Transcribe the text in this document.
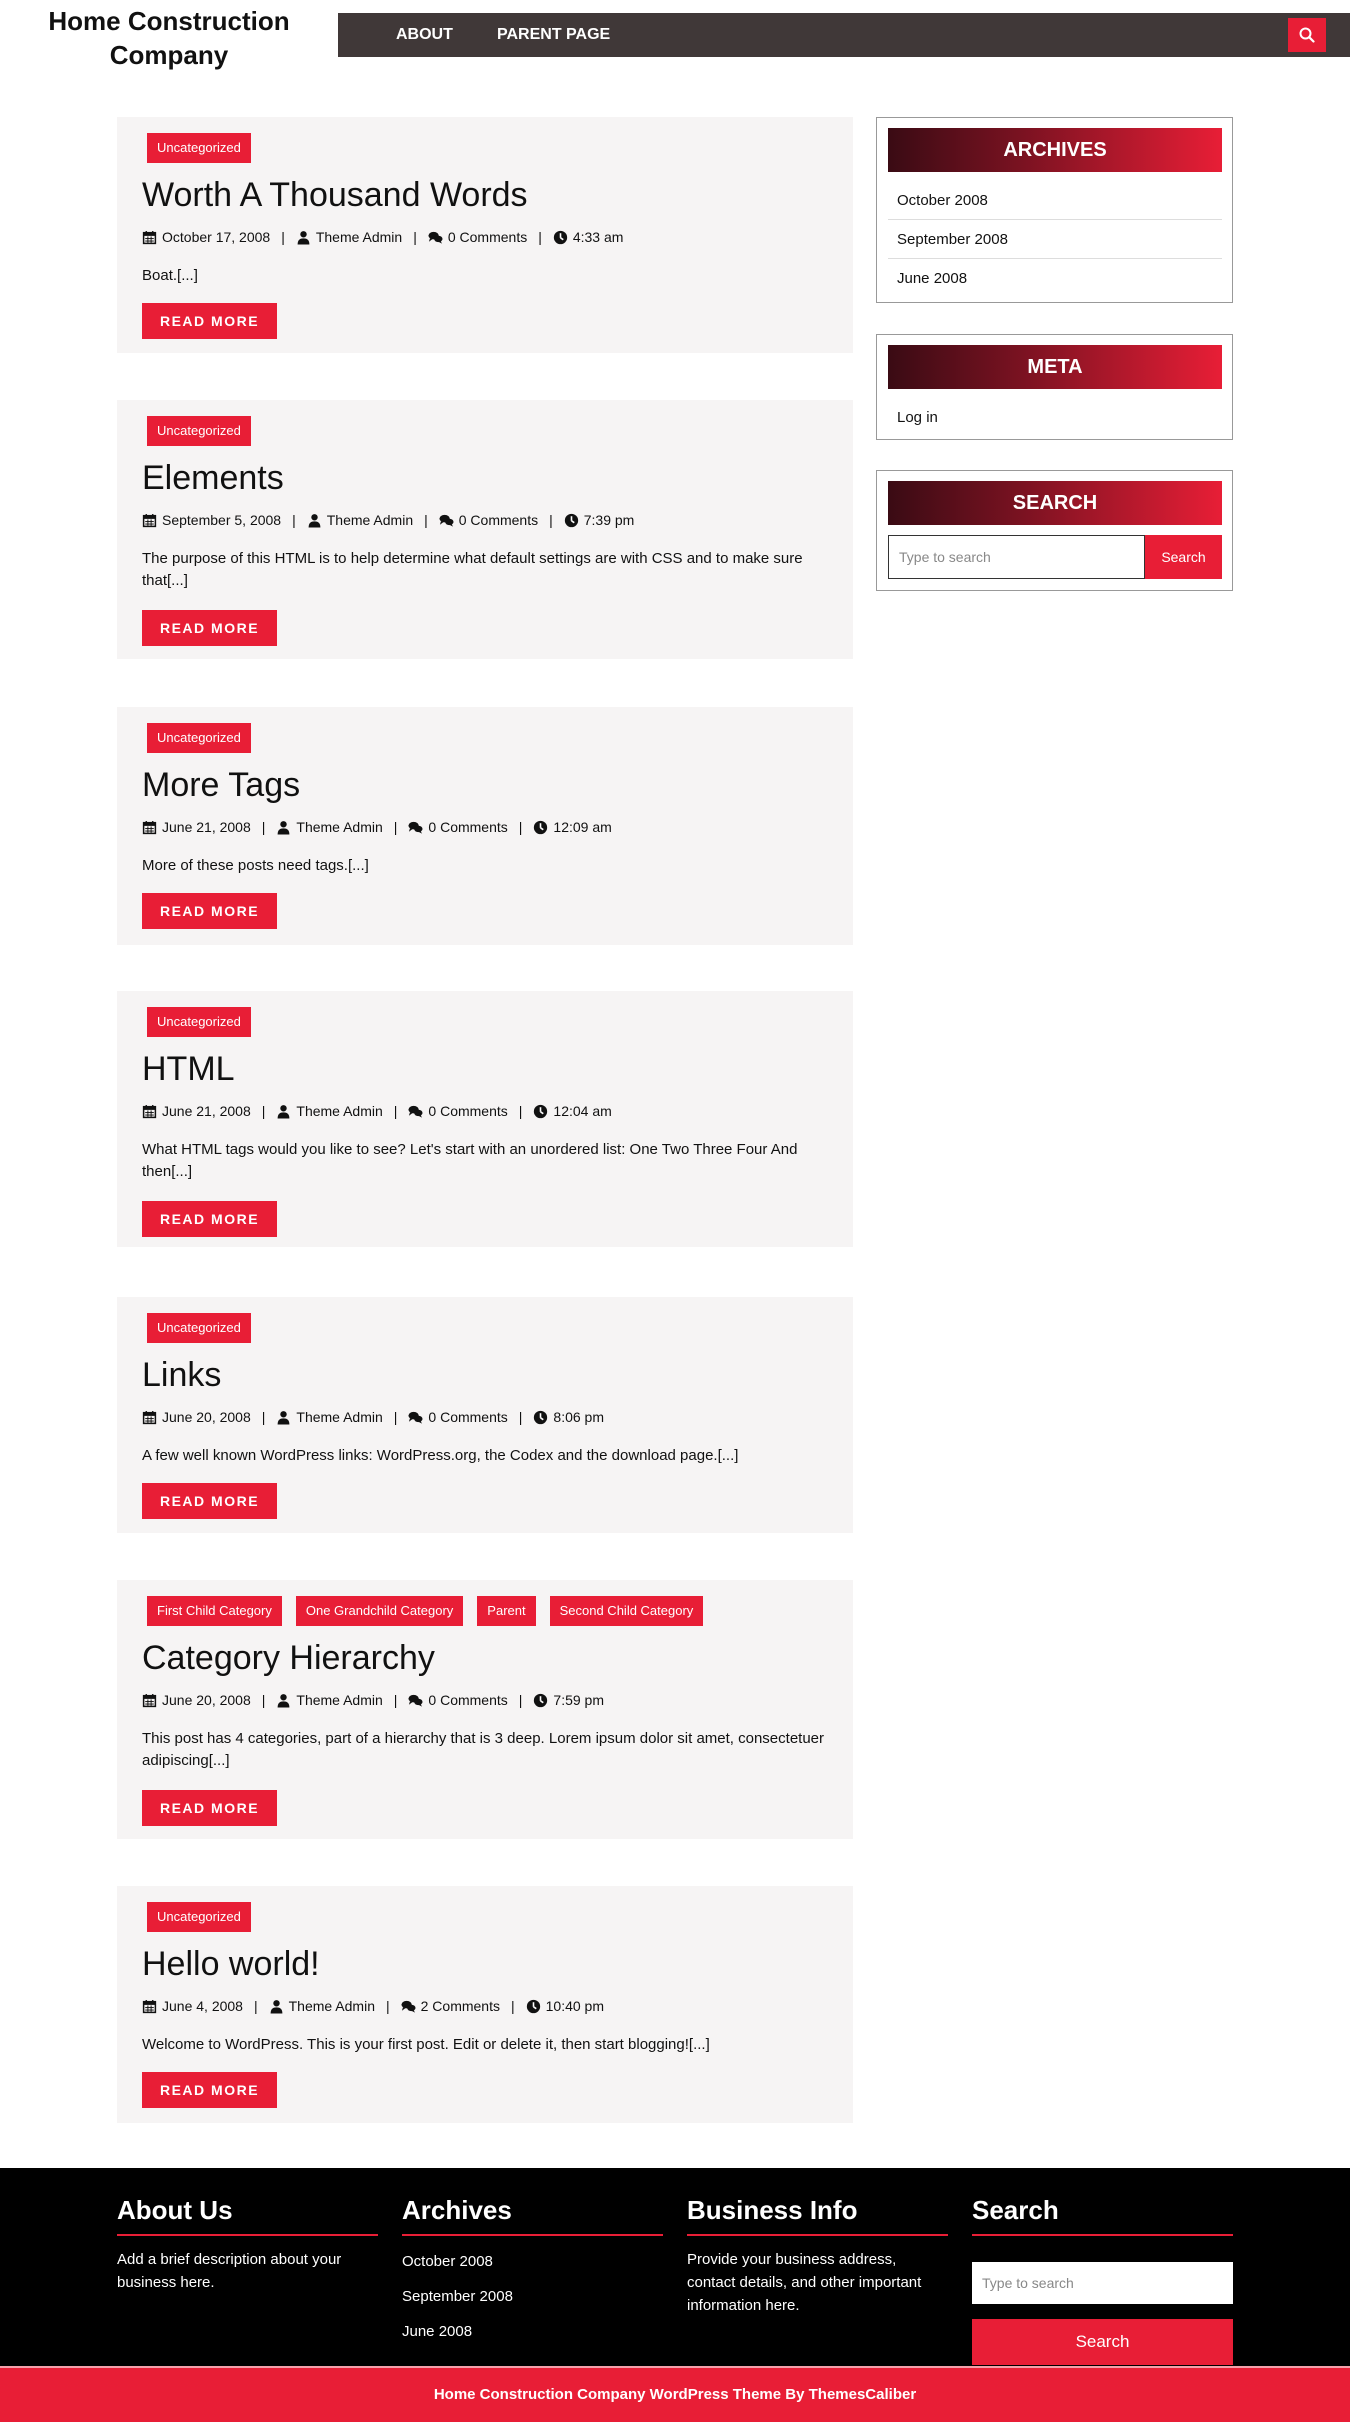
Home Construction Company
ABOUT	PARENT PAGE
Uncategorized
Worth A Thousand Words
October 17, 2008 | Theme Admin | 0 Comments | 4:33 am
Boat.[...]
READ MORE
Uncategorized
Elements
September 5, 2008 | Theme Admin | 0 Comments | 7:39 pm
The purpose of this HTML is to help determine what default settings are with CSS and to make sure that[...]
READ MORE
Uncategorized
More Tags
June 21, 2008 | Theme Admin | 0 Comments | 12:09 am
More of these posts need tags.[...]
READ MORE
Uncategorized
HTML
June 21, 2008 | Theme Admin | 0 Comments | 12:04 am
What HTML tags would you like to see? Let's start with an unordered list: One Two Three Four And then[...]
READ MORE
Uncategorized
Links
June 20, 2008 | Theme Admin | 0 Comments | 8:06 pm
A few well known WordPress links: WordPress.org, the Codex and the download page.[...]
READ MORE
First Child Category	One Grandchild Category	Parent	Second Child Category
Category Hierarchy
June 20, 2008 | Theme Admin | 0 Comments | 7:59 pm
This post has 4 categories, part of a hierarchy that is 3 deep. Lorem ipsum dolor sit amet, consectetuer adipiscing[...]
READ MORE
Uncategorized
Hello world!
June 4, 2008 | Theme Admin | 2 Comments | 10:40 pm
Welcome to WordPress. This is your first post. Edit or delete it, then start blogging![...]
READ MORE
ARCHIVES
October 2008
September 2008
June 2008
META
Log in
SEARCH
Type to search
Search
About Us
Add a brief description about your business here.
Archives
October 2008
September 2008
June 2008
Business Info
Provide your business address, contact details, and other important information here.
Search
Type to search
Search
Home Construction Company WordPress Theme By ThemesCaliber
